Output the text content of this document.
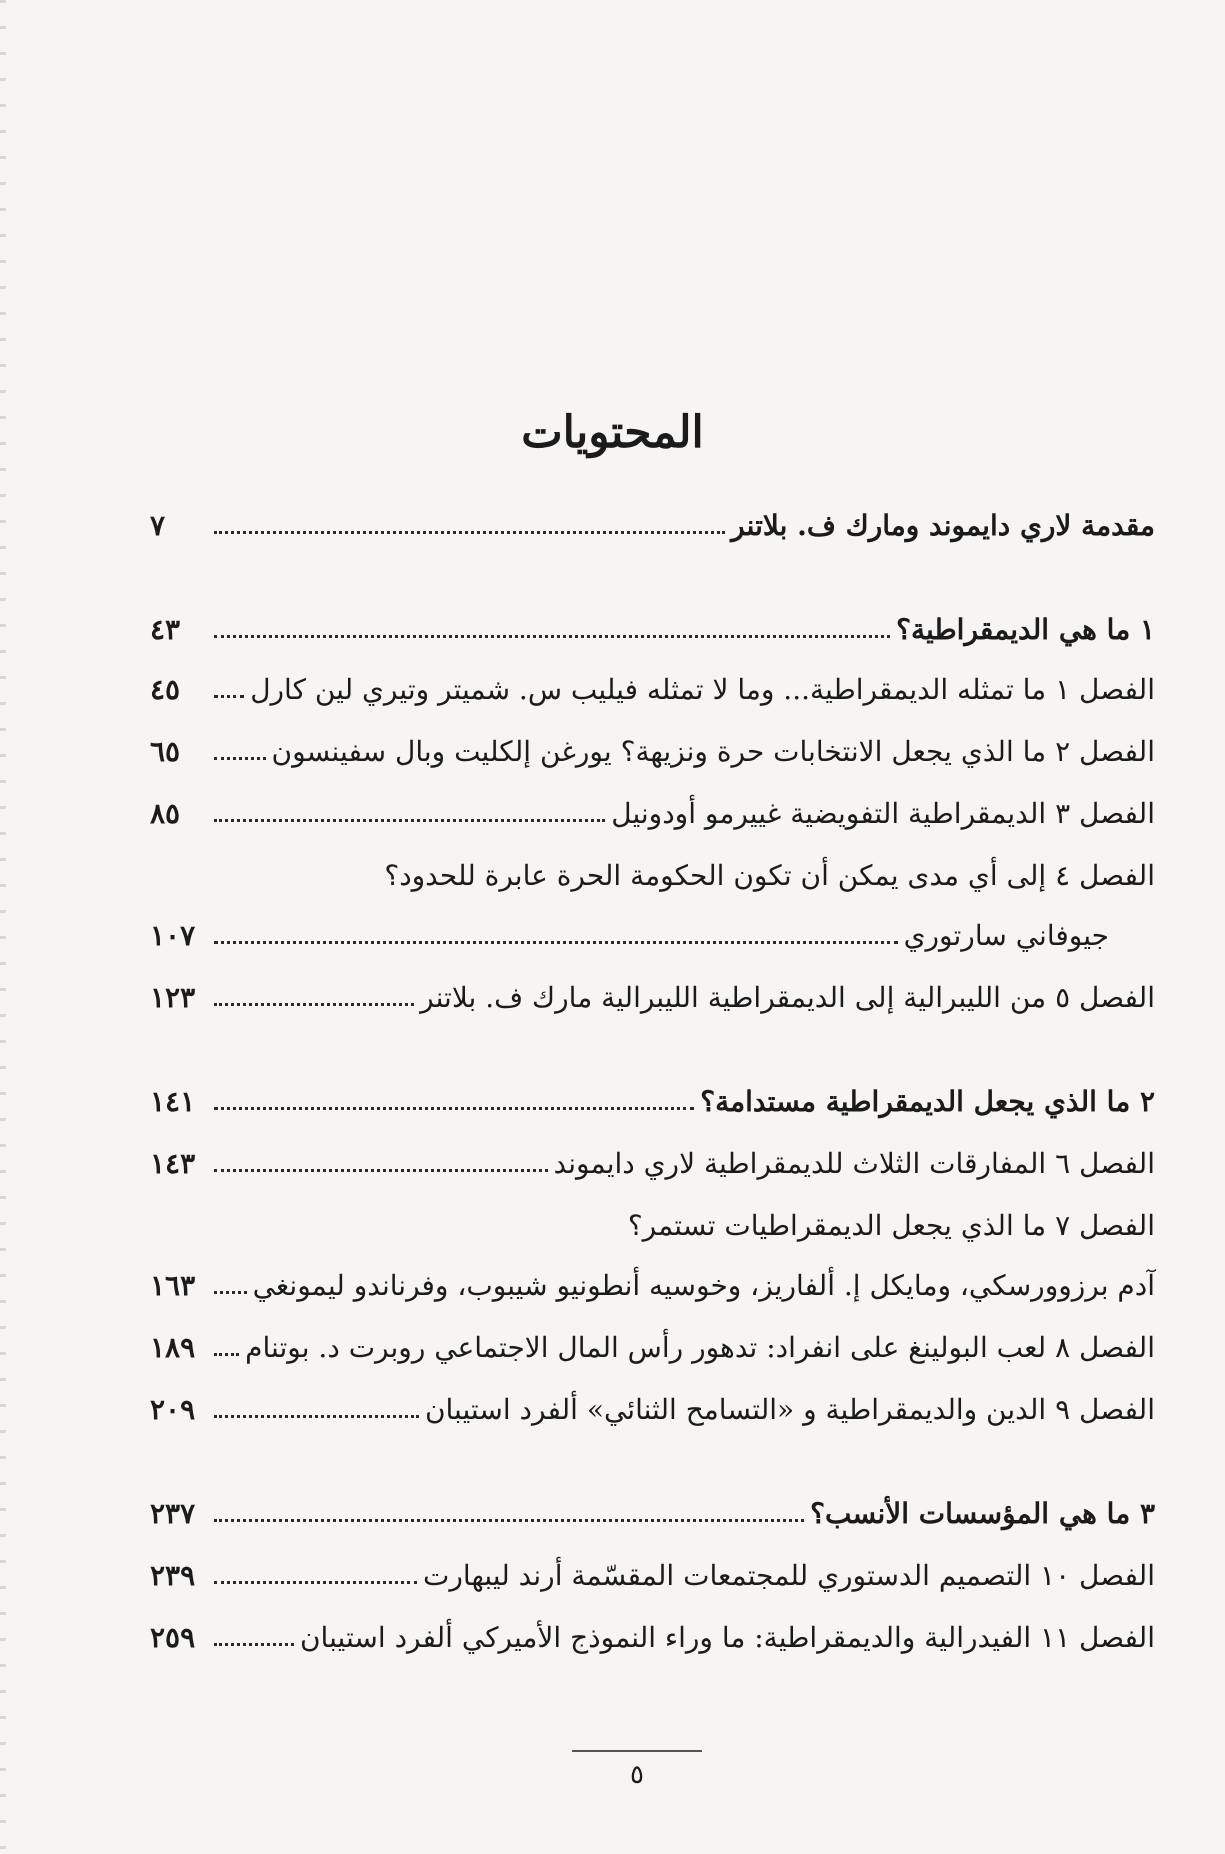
المحتويات
مقدمة لاري دايموند ومارك ف. بلاتنر
٧
١ ما هي الديمقراطية؟
٤٣
الفصل ١ ما تمثله الديمقراطية... وما لا تمثله فيليب س. شميتر وتيري لين كارل
٤٥
الفصل ٢ ما الذي يجعل الانتخابات حرة ونزيهة؟ يورغن إلكليت وبال سفينسون
٦٥
الفصل ٣ الديمقراطية التفويضية غييرمو أودونيل
٨٥
الفصل ٤ إلى أي مدى يمكن أن تكون الحكومة الحرة عابرة للحدود؟
جيوفاني سارتوري
١٠٧
الفصل ٥ من الليبرالية إلى الديمقراطية الليبرالية مارك ف. بلاتنر
١٢٣
٢ ما الذي يجعل الديمقراطية مستدامة؟
١٤١
الفصل ٦ المفارقات الثلاث للديمقراطية لاري دايموند
١٤٣
الفصل ٧ ما الذي يجعل الديمقراطيات تستمر؟
آدم برزوورسكي، ومايكل إ. ألفاريز، وخوسيه أنطونيو شيبوب، وفرناندو ليمونغي
١٦٣
الفصل ٨ لعب البولينغ على انفراد: تدهور رأس المال الاجتماعي روبرت د. بوتنام
١٨٩
الفصل ٩ الدين والديمقراطية و «التسامح الثنائي» ألفرد استيبان
٢٠٩
٣ ما هي المؤسسات الأنسب؟
٢٣٧
الفصل ١٠ التصميم الدستوري للمجتمعات المقسّمة أرند ليبهارت
٢٣٩
الفصل ١١ الفيدرالية والديمقراطية: ما وراء النموذج الأميركي ألفرد استيبان
٢٥٩
٥
